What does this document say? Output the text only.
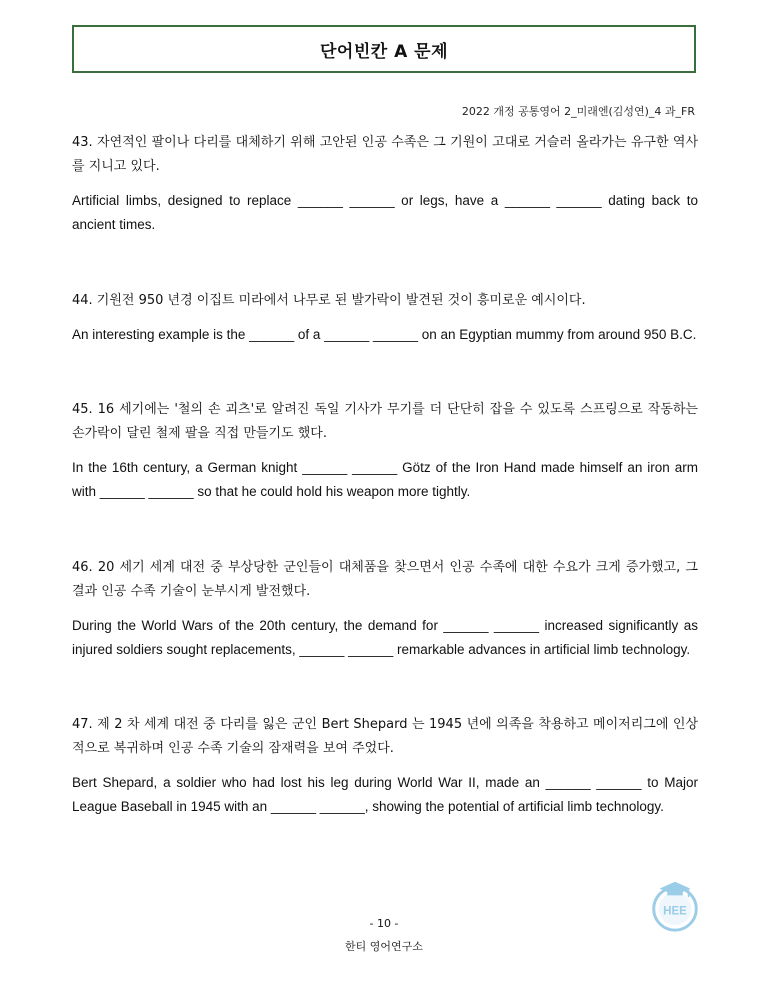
단어빈칸 A 문제
2022 개정 공통영어 2_미래엔(김성연)_4 과_FR

43. 자연적인 팔이나 다리를 대체하기 위해 고안된 인공 수족은 그 기원이 고대로 거슬러 올라가는 유구한 역사를 지니고 있다.

Artificial limbs, designed to replace ______ ______ or legs, have a ______ ______ dating back to ancient times.

44. 기원전 950 년경 이집트 미라에서 나무로 된 발가락이 발견된 것이 흥미로운 예시이다.

An interesting example is the ______ of a ______ ______ on an Egyptian mummy from around 950 B.C.

45. 16 세기에는 '철의 손 괴츠'로 알려진 독일 기사가 무기를 더 단단히 잡을 수 있도록 스프링으로 작동하는 손가락이 달린 철제 팔을 직접 만들기도 했다.

In the 16th century, a German knight ______ ______ Götz of the Iron Hand made himself an iron arm with ______ ______ so that he could hold his weapon more tightly.

46. 20 세기 세계 대전 중 부상당한 군인들이 대체품을 찾으면서 인공 수족에 대한 수요가 크게 증가했고, 그 결과 인공 수족 기술이 눈부시게 발전했다.

During the World Wars of the 20th century, the demand for ______ ______ increased significantly as injured soldiers sought replacements, ______ ______ remarkable advances in artificial limb technology.

47. 제 2 차 세계 대전 중 다리를 잃은 군인 Bert Shepard 는 1945 년에 의족을 착용하고 메이저리그에 인상적으로 복귀하며 인공 수족 기술의 잠재력을 보여 주었다.

Bert Shepard, a soldier who had lost his leg during World War II, made an ______ ______ to Major League Baseball in 1945 with an ______ ______, showing the potential of artificial limb technology.

HEE
- 10 -
한티 영어연구소
